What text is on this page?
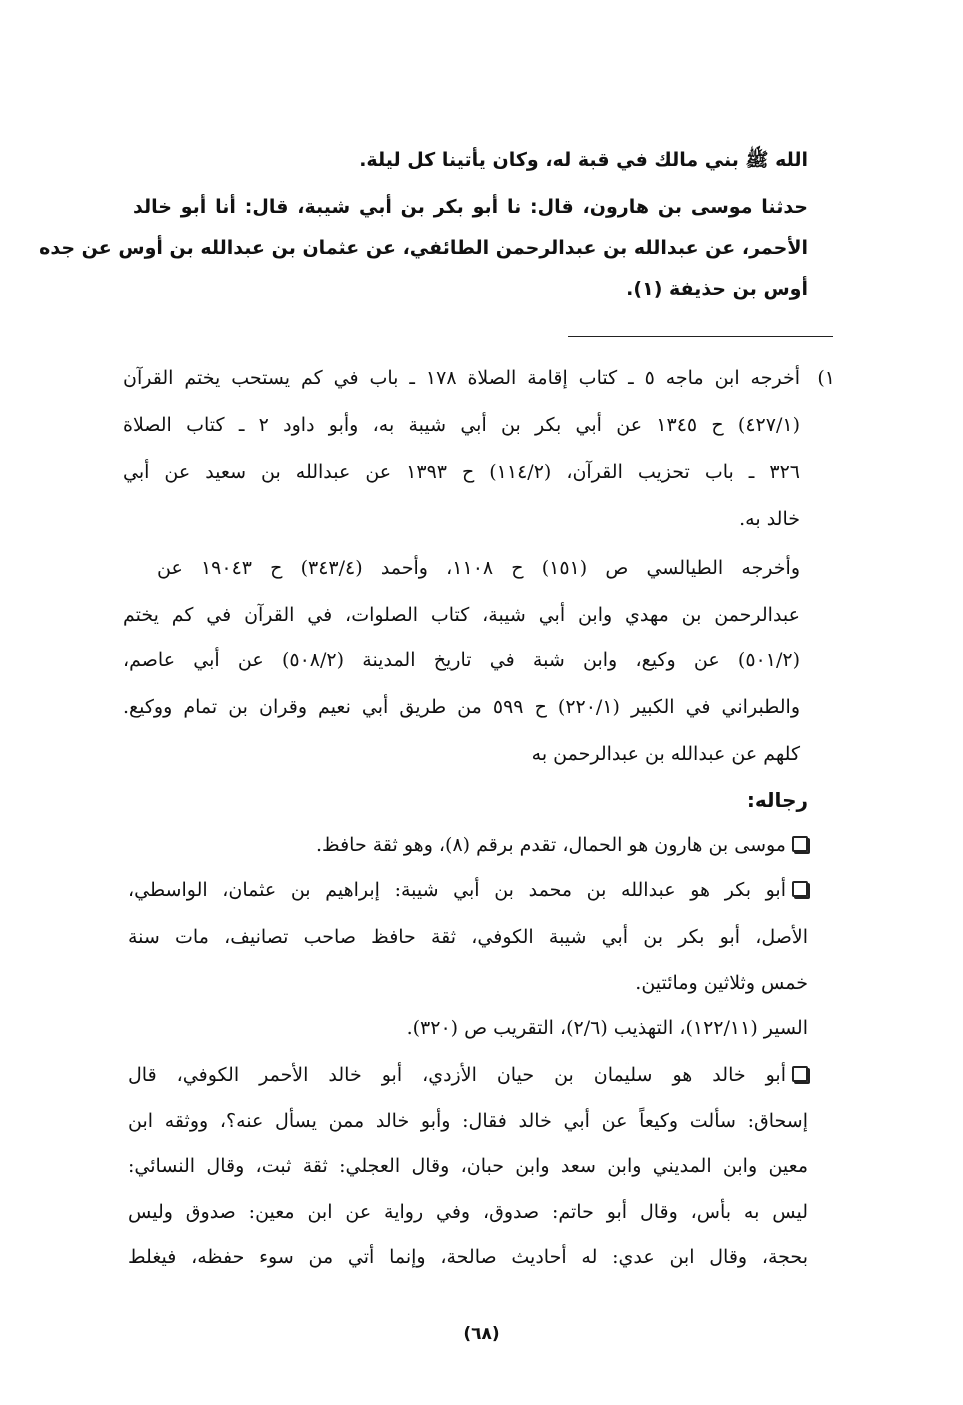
الله ﷺ بني مالك في قبة له، وكان يأتينا كل ليلة.
حدثنا موسى بن هارون، قال: نا أبو بكر بن أبي شيبة، قال: أنا أبو خالد
الأحمر، عن عبدالله بن عبدالرحمن الطائفي، عن عثمان بن عبدالله بن أوس عن جده
أوس بن حذيفة (١).
١)
أخرجه ابن ماجه ٥ ـ كتاب إقامة الصلاة ١٧٨ ـ باب في كم يستحب يختم القرآن
(٤٢٧/١) ح ١٣٤٥ عن أبي بكر بن أبي شيبة به، وأبو داود ٢ ـ كتاب الصلاة
٣٢٦ ـ باب تحزيب القرآن، (١١٤/٢) ح ١٣٩٣ عن عبدالله بن سعيد عن أبي
خالد به.
وأخرجه الطيالسي ص (١٥١) ح ١١٠٨، وأحمد (٣٤٣/٤) ح ١٩٠٤٣ عن
عبدالرحمن بن مهدي وابن أبي شيبة، كتاب الصلوات، في القرآن في كم يختم
(٥٠١/٢) عن وكيع، وابن شبة في تاريخ المدينة (٥٠٨/٢) عن أبي عاصم،
والطبراني في الكبير (٢٢٠/١) ح ٥٩٩ من طريق أبي نعيم وقران بن تمام ووكيع.
كلهم عن عبدالله بن عبدالرحمن به
رجاله:
موسى بن هارون هو الحمال، تقدم برقم (٨)، وهو ثقة حافظ.
أبو بكر هو عبدالله بن محمد بن أبي شيبة: إبراهيم بن عثمان، الواسطي،
الأصل، أبو بكر بن أبي شيبة الكوفي، ثقة حافظ صاحب تصانيف، مات سنة
خمس وثلاثين ومائتين.
السير (١٢٢/١١)، التهذيب (٢/٦)، التقريب ص (٣٢٠).
أبو خالد هو سليمان بن حيان الأزدي، أبو خالد الأحمر الكوفي، قال
إسحاق: سألت وكيعاً عن أبي خالد فقال: وأبو خالد ممن يسأل عنه؟، ووثقه ابن
معين وابن المديني وابن سعد وابن حبان، وقال العجلي: ثقة ثبت، وقال النسائي:
ليس به بأس، وقال أبو حاتم: صدوق، وفي رواية عن ابن معين: صدوق وليس
بحجة، وقال ابن عدي: له أحاديث صالحة، وإنما أتي من سوء حفظه، فيغلط
(٦٨)
